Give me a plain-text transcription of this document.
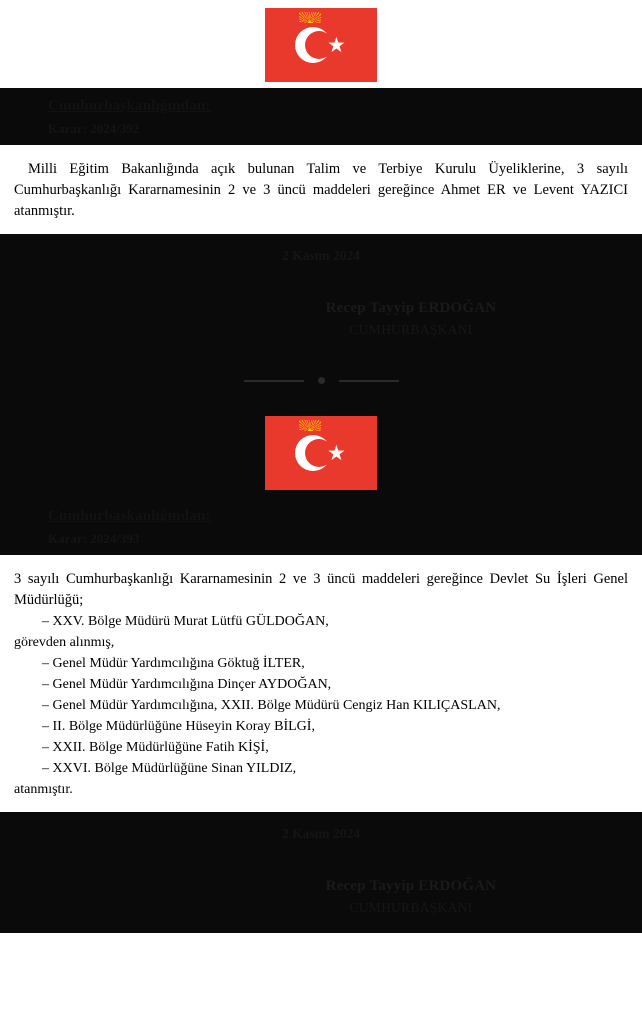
★
Cumhurbaşkanlığından:
Karar: 2024/392

Milli Eğitim Bakanlığında açık bulunan Talim ve Terbiye Kurulu Üyeliklerine, 3 sayılı Cumhurbaşkanlığı Kararnamesinin 2 ve 3 üncü maddeleri gereğince Ahmet ER ve Levent YAZICI atanmıştır.

2 Kasım 2024
Recep Tayyip ERDOĞAN
CUMHURBAŞKANI
★
Cumhurbaşkanlığından:
Karar: 2024/393

3 sayılı Cumhurbaşkanlığı Kararnamesinin 2 ve 3 üncü maddeleri gereğince Devlet Su İşleri Genel Müdürlüğü;

– XXV. Bölge Müdürü Murat Lütfü GÜLDOĞAN,

görevden alınmış,

– Genel Müdür Yardımcılığına Göktuğ İLTER,

– Genel Müdür Yardımcılığına Dinçer AYDOĞAN,

– Genel Müdür Yardımcılığına, XXII. Bölge Müdürü Cengiz Han KILIÇASLAN,

– II. Bölge Müdürlüğüne Hüseyin Koray BİLGİ,

– XXII. Bölge Müdürlüğüne Fatih KİŞİ,

– XXVI. Bölge Müdürlüğüne Sinan YILDIZ,

atanmıştır.

2 Kasım 2024
Recep Tayyip ERDOĞAN
CUMHURBAŞKANI
